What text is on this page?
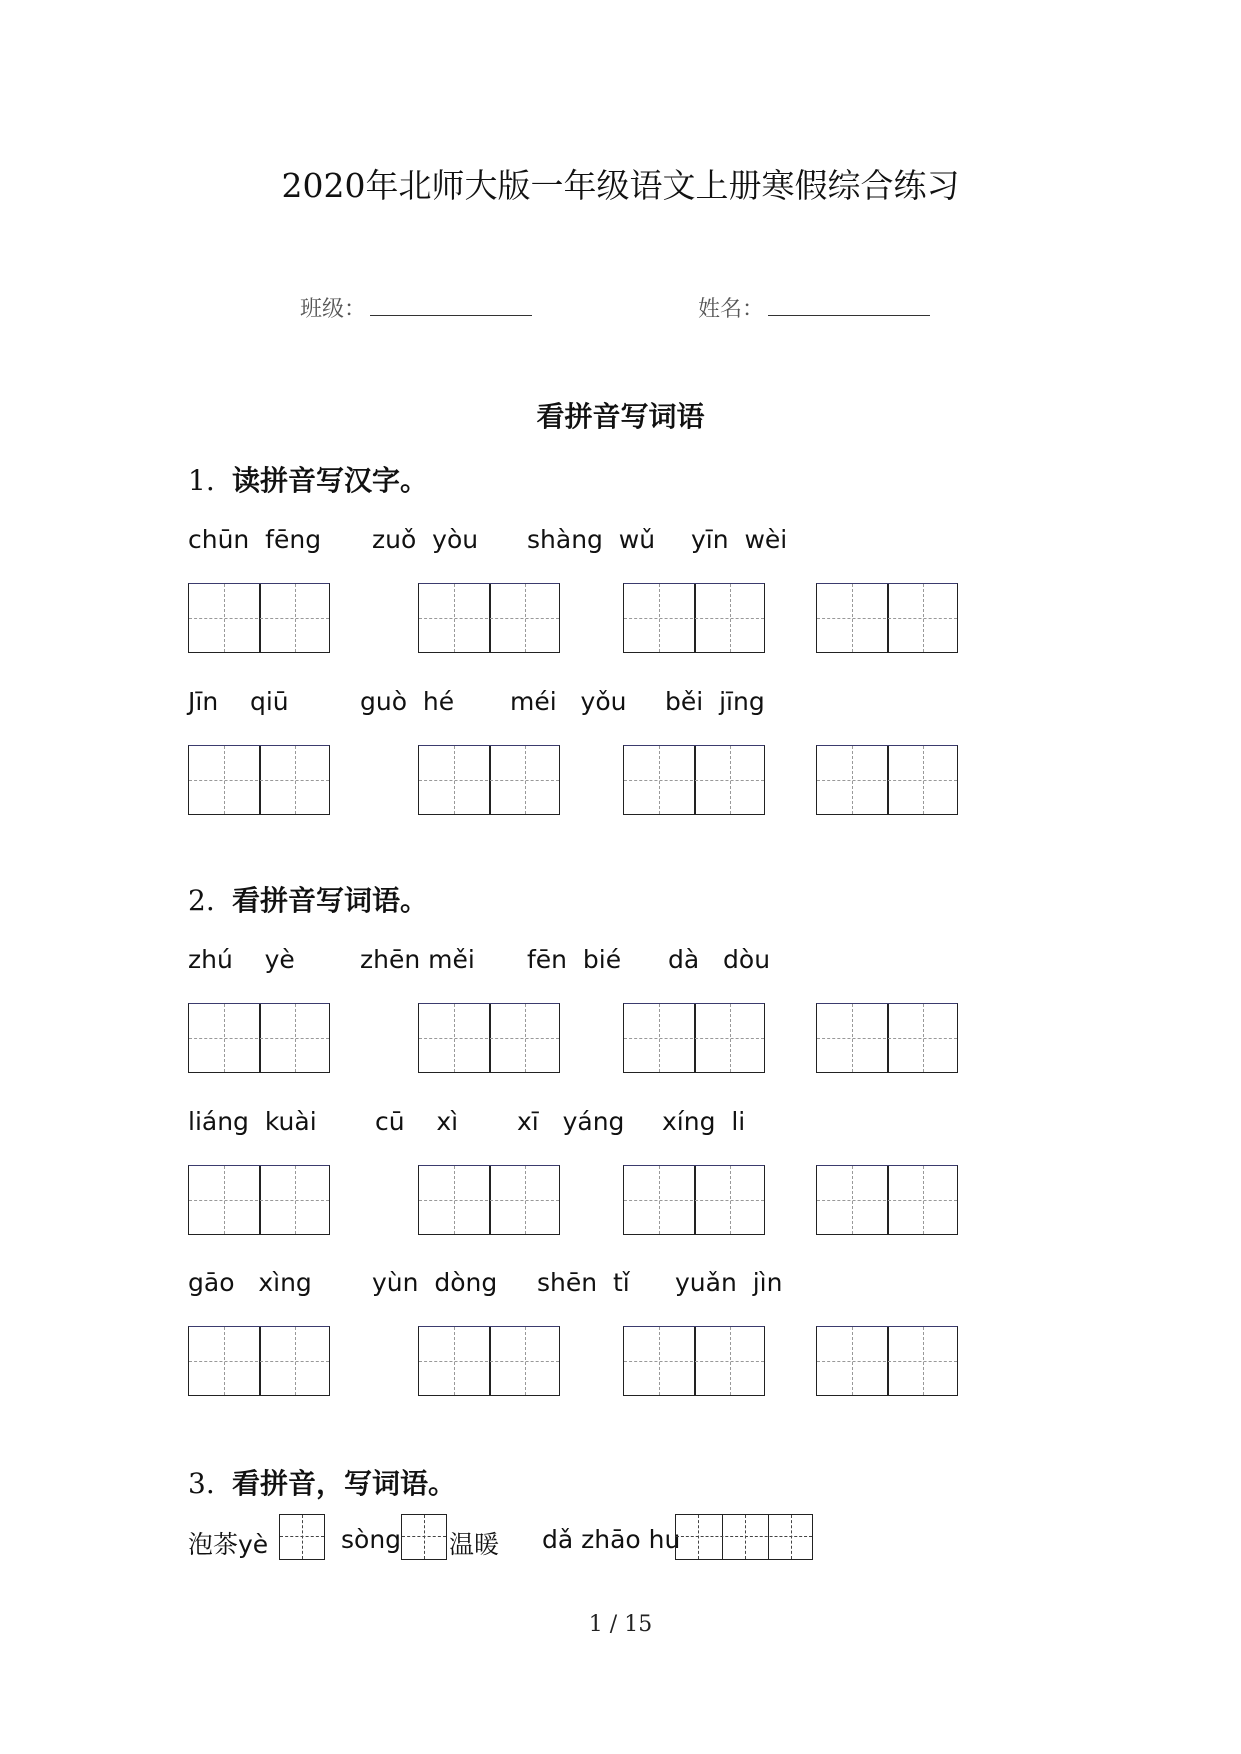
2020年北师大版一年级语文上册寒假综合练习
班级：	姓名：
看拼音写词语
1. 读拼音写汉字。
chūn  fēng zuǒ  yòu shàng  wǔ yīn  wèi
Jīn    qiū	guò  hé méi   yǒu běi  jīng
2. 看拼音写词语。
zhú    yè	zhēn měi fēn  bié dà   dòu
liáng  kuài cū    xì xī   yáng xíng  li
gāo   xìng yùn  dòng shēn  tǐ yuǎn  jìn
3. 看拼音，写词语。
泡茶yè	sòng 温暖 dǎ zhāo hu
1 / 15
